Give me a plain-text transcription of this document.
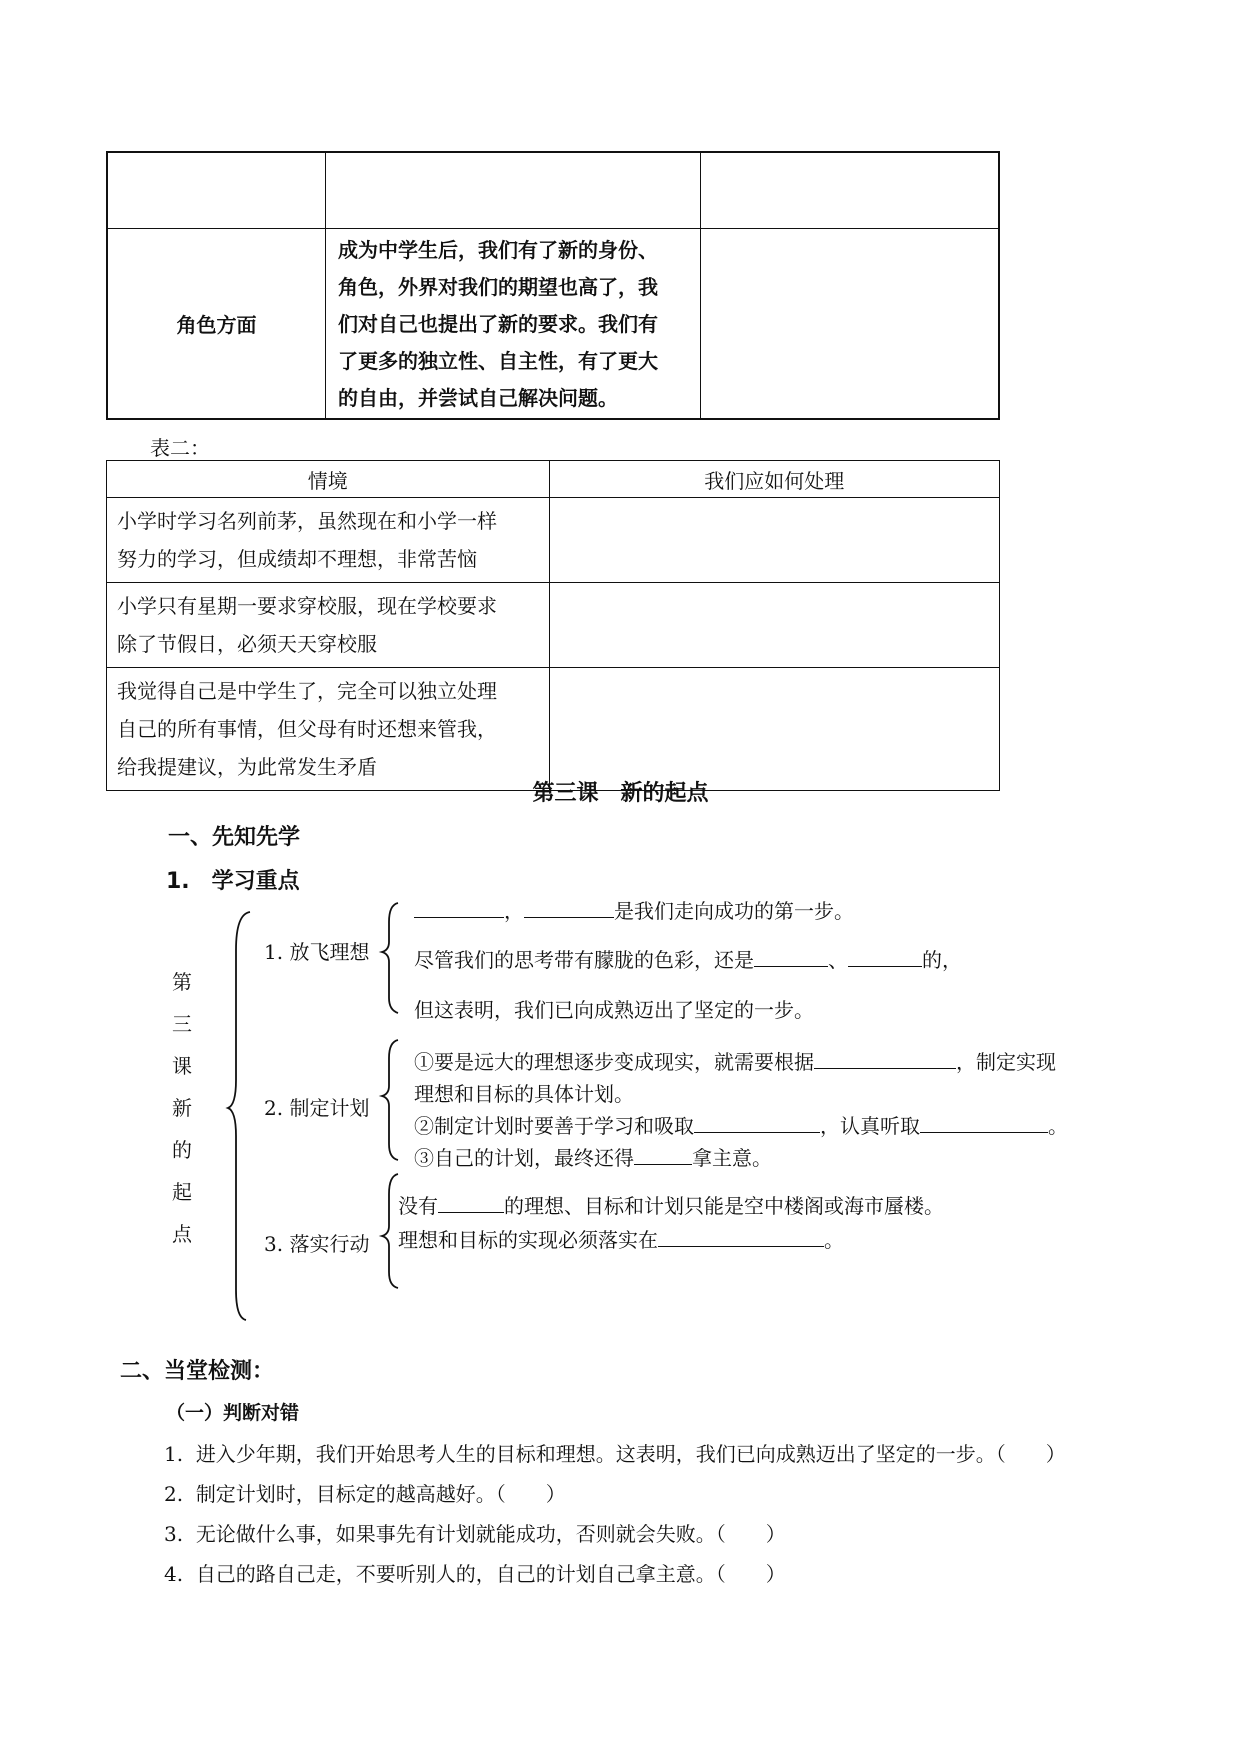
角色方面	成为中学生后，我们有了新的身份、
角色，外界对我们的期望也高了，我
们对自己也提出了新的要求。我们有
了更多的独立性、自主性，有了更大
的自由，并尝试自己解决问题。	

表二：
情境	我们应如何处理

小学时学习名列前茅，虽然现在和小学一样
努力的学习，但成绩却不理想，非常苦恼	

小学只有星期一要求穿校服，现在学校要求
除了节假日，必须天天穿校服	

我觉得自己是中学生了，完全可以独立处理
自己的所有事情，但父母有时还想来管我，
给我提建议，为此常发生矛盾	

第三课　新的起点
一、先知先学
1.　学习重点
第
三
课
新
的
起
点
1. 放飞理想
，	是我们走向成功的第一步。
尽管我们的思考带有朦胧的色彩，还是	、	的，
但这表明，我们已向成熟迈出了坚定的一步。
2. 制定计划
①要是远大的理想逐步变成现实，就需要根据	，制定实现
理想和目标的具体计划。
②制定计划时要善于学习和吸取	，认真听取	。
③自己的计划，最终还得	拿主意。
3. 落实行动
没有	的理想、目标和计划只能是空中楼阁或海市蜃楼。
理想和目标的实现必须落实在	。
二、当堂检测：
（一）判断对错
1. 进入少年期，我们开始思考人生的目标和理想。这表明，我们已向成熟迈出了坚定的一步。（　　）
2. 制定计划时，目标定的越高越好。（　　）
3. 无论做什么事，如果事先有计划就能成功，否则就会失败。（　　）
4. 自己的路自己走，不要听别人的，自己的计划自己拿主意。（　　）
